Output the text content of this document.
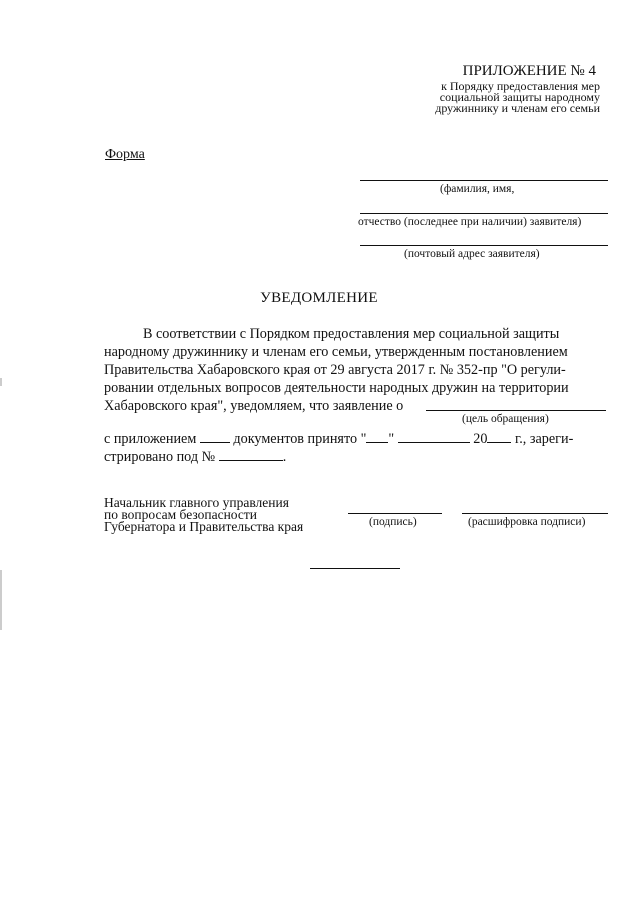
ПРИЛОЖЕНИЕ № 4
к Порядку предоставления мер
социальной защиты народному
дружиннику и членам его семьи
Форма
(фамилия, имя,
отчество (последнее при наличии) заявителя)
(почтовый адрес заявителя)
УВЕДОМЛЕНИЕ
В соответствии с Порядком предоставления мер социальной защиты
народному дружиннику и членам его семьи, утвержденным постановлением
Правительства Хабаровского края от 29 августа 2017 г. № 352-пр "О регули-
ровании отдельных вопросов деятельности народных дружин на территории
Хабаровского края", уведомляем, что заявление о
(цель обращения)
с приложением	документов принято " "	20 г., зареги-
стрировано под №	.
Начальник главного управления
по вопросам безопасности
Губернатора и Правительства края	(подпись)	(расшифровка подписи)
